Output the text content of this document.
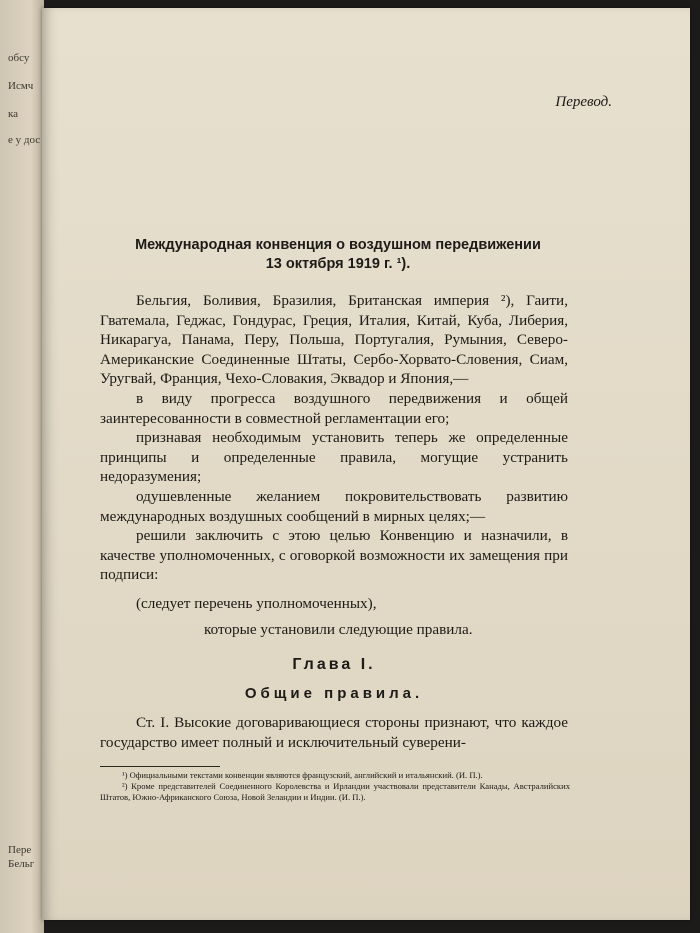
обсу
Исмч
ка
е у дос
Пере
Бельг
Перевод.
Международная конвенция о воздушном передвижении
13 октября 1919 г. ¹).

Бельгия, Боливия, Бразилия, Британская империя ²), Гаити, Гватемала, Геджас, Гондурас, Греция, Италия, Китай, Куба, Либерия, Никарагуа, Панама, Перу, Польша, Португалия, Румыния, Северо-Американские Соединенные Штаты, Сербо-Хорвато-Словения, Сиам, Уругвай, Франция, Чехо-Словакия, Эквадор и Япония,—

в виду прогресса воздушного передвижения и общей заинтересованности в совместной регламентации его;

признавая необходимым установить теперь же определенные принципы и определенные правила, могущие устранить недоразумения;

одушевленные желанием покровительствовать развитию международных воздушных сообщений в мирных целях;—

решили заключить с этою целью Конвенцию и назначили, в качестве уполномоченных, с оговоркой возможности их замещения при подписи:

(следует перечень уполномоченных),

которые установили следующие правила.

Глава I.

Общие правила.

Ст. I. Высокие договаривающиеся стороны признают, что каждое государство имеет полный и исключительный суверени-

¹) Официальными текстами конвенции являются французский, английский и итальянский. (И. П.).

²) Кроме представителей Соединенного Королевства и Ирландии участвовали представители Канады, Австралийских Штатов, Южно-Африканского Союза, Новой Зеландии и Индии. (И. П.).
